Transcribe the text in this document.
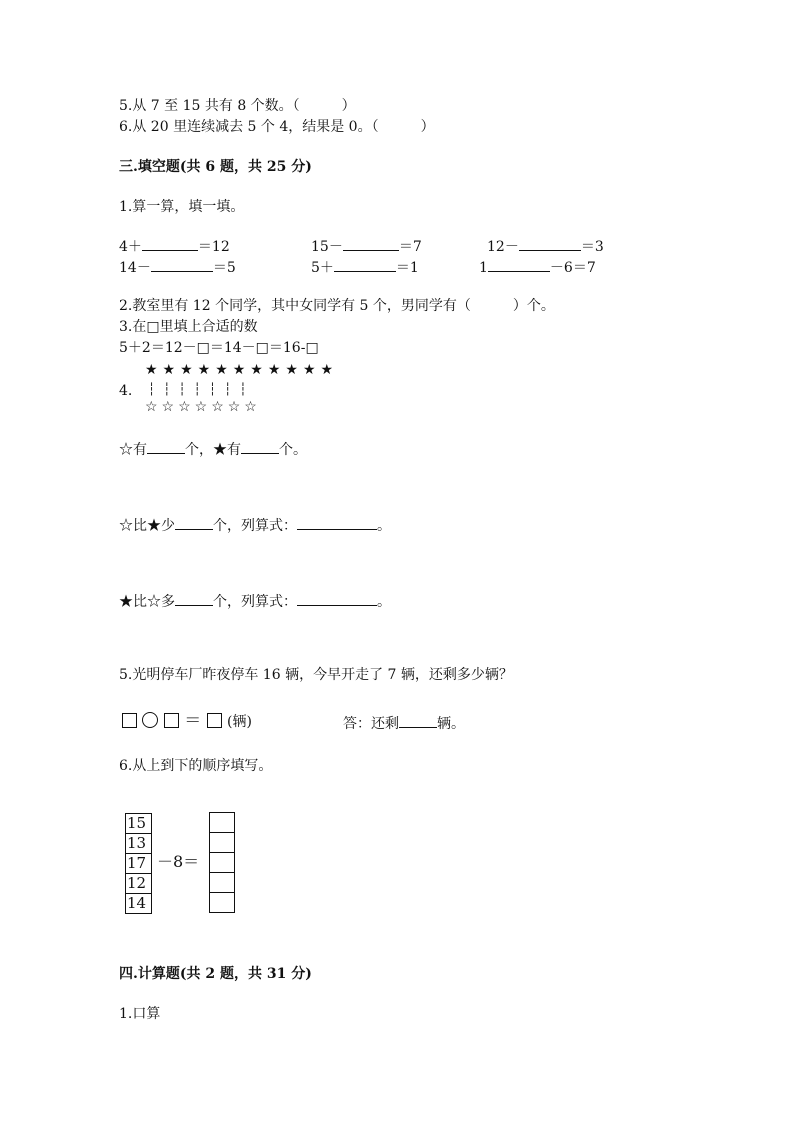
5.从 7 至 15 共有 8 个数。（　　　）
6.从 20 里连续减去 5 个 4，结果是 0。（　　　）
三.填空题(共 6 题，共 25 分)
1.算一算，填一填。
4＋	＝12	15－	＝7	12－	＝3
14－	＝5	5＋	＝1	1	－6＝7
2.教室里有 12 个同学，其中女同学有 5 个，男同学有（　　　）个。
3.在□里填上合适的数
5＋2＝12－□＝14－□＝16-□
★★★★★★★★★★★
4. ┆┆┆┆┆┆┆
☆☆☆☆☆☆☆
☆有	个，★有	个。
☆比★少	个，列算式：	。
★比☆多	个，列算式：	。
5.光明停车厂昨夜停车 16 辆，今早开走了 7 辆，还剩多少辆？
＝ (辆)	答：还剩	辆。
6.从上到下的顺序填写。
15
13
17
12
14
－8＝

四.计算题(共 2 题，共 31 分)
1.口算
